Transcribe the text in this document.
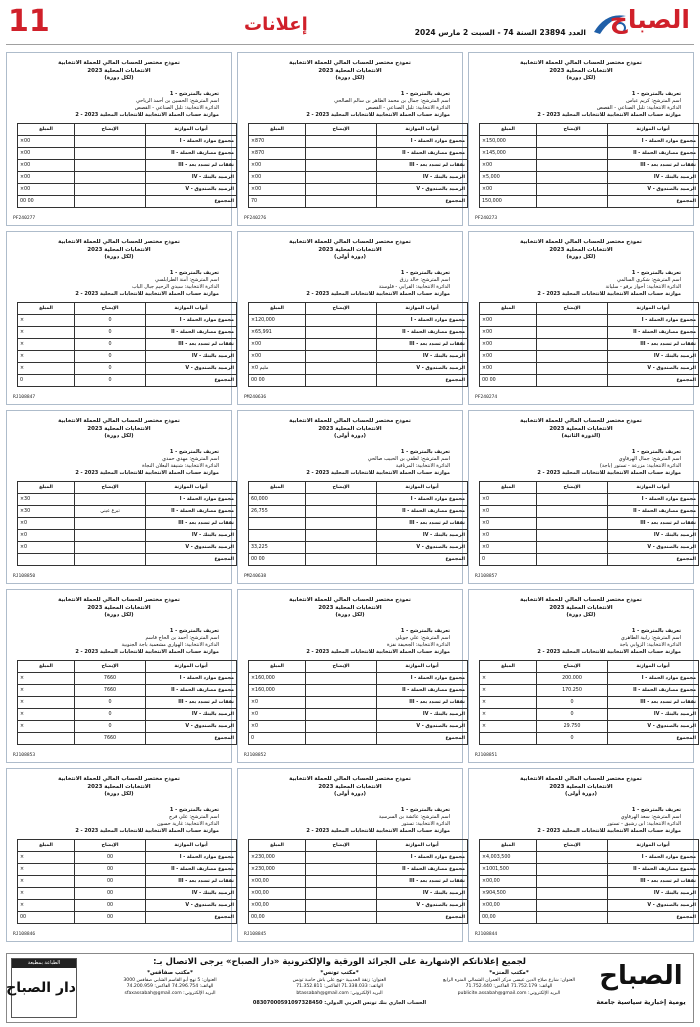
11	إعلانات	العدد 23894 السنة 74 - السبت 2 مارس 2024 الصباح
نموذج مختصر للحساب المالي للحملة الانتخابية
الانتخابات المحلية 2023
(لكل دورة)
1 - تعريف بالمترشح
اسم المترشح: الحسين بن أحمد الرياحي
الدائرة الانتخابية: تلبل الصناعي - القصص
2 - موازنة حساب الحملة الانتخابية للانتخابات المحلية 2023
المبلغ	الإيضاح	أبواب الموازنة
×00		I - مجموع موارد الحملة
×00		II - مجموع مصاريف الحملة
×00		III - نفقات لم تسدد بعد
×00		IV - الرصيد بالبنك
×00		V - الرصيد بالصندوق
00 00		المجموع
PF240277
نموذج مختصر للحساب المالي للحملة الانتخابية
الانتخابات المحلية 2023
(لكل دورة)
1 - تعريف بالمترشح
اسم المترشح: جمال بن محمد الطاهر بن سالم الصالحي
الدائرة الانتخابية: تلبل الصناعي - القصص
2 - موازنة حساب الحملة الانتخابية للانتخابات المحلية 2023
المبلغ	الإيضاح	أبواب الموازنة
×870		I - مجموع موارد الحملة
×870		II - مجموع مصاريف الحملة
×00		III - نفقات لم تسدد بعد
×00		IV - الرصيد بالبنك
×00		V - الرصيد بالصندوق
70		المجموع
PF240276
نموذج مختصر للحساب المالي للحملة الانتخابية
الانتخابات المحلية 2023
(لكل دورة)
1 - تعريف بالمترشح
اسم المترشح: كريم عباس
الدائرة الانتخابية: تلبل الصناعي - القصص
2 - موازنة حساب الحملة الانتخابية للانتخابات المحلية 2023
المبلغ	الإيضاح	أبواب الموازنة
×150,000		I - مجموع موارد الحملة
×145,000		II - مجموع مصاريف الحملة
×00		III - نفقات لم تسدد بعد
×5,000		IV - الرصيد بالبنك
×00		V - الرصيد بالصندوق
150,000		المجموع
PF240273
نموذج مختصر للحساب المالي للحملة الانتخابية
الانتخابات المحلية 2023
(لكل دورة)
1 - تعريف بالمترشح
اسم المترشح: أمنة الطرابلسي
الدائرة الانتخابية: سيدي الرحيم جبال الباب
2 - موازنة حساب الحملة الانتخابية للانتخابات المحلية 2023
المبلغ	الإيضاح	أبواب الموازنة
×	0	I - مجموع موارد الحملة
×	0	II - مجموع مصاريف الحملة
×	0	III - نفقات لم تسدد بعد
×	0	IV - الرصيد بالبنك
×	0	V - الرصيد بالصندوق
0	0	المجموع
RJ108847
نموذج مختصر للحساب المالي للحملة الانتخابية
الانتخابات المحلية 2023
(دورة أولى)
1 - تعريف بالمترشح
اسم المترشح: خالد رزق
الدائرة الانتخابية: القرابي - قلوستة
2 - موازنة حساب الحملة الانتخابية للانتخابات المحلية 2023
المبلغ	الإيضاح	أبواب الموازنة
×120,000		I - مجموع موارد الحملة
×65,991		II - مجموع مصاريف الحملة
×00		III - نفقات لم تسدد بعد
×00		IV - الرصيد بالبنك
×0 مليم		V - الرصيد بالصندوق
00 00		المجموع
PM240636
نموذج مختصر للحساب المالي للحملة الانتخابية
الانتخابات المحلية 2023
(لكل دورة)
1 - تعريف بالمترشح
اسم المترشح: شكري السالمي
الدائرة الانتخابية: أحواز برقو - سليانة
2 - موازنة حساب الحملة الانتخابية للانتخابات المحلية 2023
المبلغ	الإيضاح	أبواب الموازنة
×00		I - مجموع موارد الحملة
×00		II - مجموع مصاريف الحملة
×00		III - نفقات لم تسدد بعد
×00		IV - الرصيد بالبنك
×00		V - الرصيد بالصندوق
00 00		المجموع
PF240274
نموذج مختصر للحساب المالي للحملة الانتخابية
الانتخابات المحلية 2023
(لكل دورة)
1 - تعريف بالمترشح
اسم المترشح: مهدي حمدي
الدائرة الانتخابية: شنيقة البعلان النجاة
2 - موازنة حساب الحملة الانتخابية للانتخابات المحلية 2023
المبلغ	الإيضاح	أبواب الموازنة
×30		I - مجموع موارد الحملة
×30	تبرع عيني	II - مجموع مصاريف الحملة
×0		III - نفقات لم تسدد بعد
×0		IV - الرصيد بالبنك
×0		V - الرصيد بالصندوق
		المجموع
RJ108850
نموذج مختصر للحساب المالي للحملة الانتخابية
الانتخابات المحلية 2023
(دورة أولى)
1 - تعريف بالمترشح
اسم المترشح: لطفي بن الحبيب صالحي
الدائرة الانتخابية: المرناقية
2 - موازنة حساب الحملة الانتخابية للانتخابات المحلية 2023
المبلغ	الإيضاح	أبواب الموازنة
60,000		I - مجموع موارد الحملة
26,755		II - مجموع مصاريف الحملة
		III - نفقات لم تسدد بعد
		IV - الرصيد بالبنك
33,225		V - الرصيد بالصندوق
00 00		المجموع
PM240638
نموذج مختصر للحساب المالي للحملة الانتخابية
الانتخابات المحلية 2023
(الدورة الثانية)
1 - تعريف بالمترشح
اسم المترشح: جمال الهرقاوي
الدائرة الانتخابية: مزرعة - تستور (باجة)
2 - موازنة حساب الحملة الانتخابية للانتخابات المحلية 2023
المبلغ	الإيضاح	أبواب الموازنة
×0		I - مجموع موارد الحملة
×0		II - مجموع مصاريف الحملة
×0		III - نفقات لم تسدد بعد
×0		IV - الرصيد بالبنك
×0		V - الرصيد بالصندوق
0		المجموع
RJ108857
نموذج مختصر للحساب المالي للحملة الانتخابية
الانتخابات المحلية 2023
(لكل دورة)
1 - تعريف بالمترشح
اسم المترشح: أحمد بن الحاج قاسم
الدائرة الانتخابية: الهواري مشعمية باجة الجنوبية
2 - موازنة حساب الحملة الانتخابية للانتخابات المحلية 2023
المبلغ	الإيضاح	أبواب الموازنة
×	7660	I - مجموع موارد الحملة
×	7660	II - مجموع مصاريف الحملة
×	0	III - نفقات لم تسدد بعد
×	0	IV - الرصيد بالبنك
×	0	V - الرصيد بالصندوق
	7660	المجموع
RJ108853
نموذج مختصر للحساب المالي للحملة الانتخابية
الانتخابات المحلية 2023
(لكل دورة)
1 - تعريف بالمترشح
اسم المترشح: علي جويلي
الدائرة الانتخابية: الجحيفة نفزة
2 - موازنة حساب الحملة الانتخابية للانتخابات المحلية 2023
المبلغ	الإيضاح	أبواب الموازنة
×160,000		I - مجموع موارد الحملة
×160,000		II - مجموع مصاريف الحملة
×0		III - نفقات لم تسدد بعد
×0		IV - الرصيد بالبنك
×0		V - الرصيد بالصندوق
0		المجموع
RJ108852
نموذج مختصر للحساب المالي للحملة الانتخابية
الانتخابات المحلية 2023
(لكل دورة)
1 - تعريف بالمترشح
اسم المترشح: رابية الطاهري
الدائرة الانتخابية: الزوابي باجة
2 - موازنة حساب الحملة الانتخابية للانتخابات المحلية 2023
المبلغ	الإيضاح	أبواب الموازنة
×	200.000	I - مجموع موارد الحملة
×	170.250	II - مجموع مصاريف الحملة
×	0	III - نفقات لم تسدد بعد
×	0	IV - الرصيد بالبنك
×	29.750	V - الرصيد بالصندوق
	0	المجموع
RJ108851
نموذج مختصر للحساب المالي للحملة الانتخابية
الانتخابات المحلية 2023
(لكل دورة)
1 - تعريف بالمترشح
اسم المترشح: علي فرج
الدائرة الانتخابية: غارية حسون
2 - موازنة حساب الحملة الانتخابية للانتخابات المحلية 2023
المبلغ	الإيضاح	أبواب الموازنة
×	00	I - مجموع موارد الحملة
×	00	II - مجموع مصاريف الحملة
×	00	III - نفقات لم تسدد بعد
×	00	IV - الرصيد بالبنك
×	00	V - الرصيد بالصندوق
00	00	المجموع
RJ108846
نموذج مختصر للحساب المالي للحملة الانتخابية
الانتخابات المحلية 2023
(دورة أولى)
1 - تعريف بالمترشح
اسم المترشح: عائشة بن السرسية
الدائرة الانتخابية: تستور
2 - موازنة حساب الحملة الانتخابية للانتخابات المحلية 2023
المبلغ	الإيضاح	أبواب الموازنة
×230,000		I - مجموع موارد الحملة
×230,000		II - مجموع مصاريف الحملة
×00,00		III - نفقات لم تسدد بعد
×00,00		IV - الرصيد بالبنك
×00,00		V - الرصيد بالصندوق
00,00		المجموع
RJ108845
نموذج مختصر للحساب المالي للحملة الانتخابية
الانتخابات المحلية 2023
(دورة أولى)
1 - تعريف بالمترشح
اسم المترشح: سعد الهرقاوي
الدائرة الانتخابية: ابن رشيق - تستور
2 - موازنة حساب الحملة الانتخابية للانتخابات المحلية 2023
المبلغ	الإيضاح	أبواب الموازنة
×4,003,500		I - مجموع موارد الحملة
×1001,500		II - مجموع مصاريف الحملة
×00,00		III - نفقات لم تسدد بعد
×904,500		IV - الرصيد بالبنك
×00,00		V - الرصيد بالصندوق
00,00		المجموع
RJ108844
الطباعة بمطبعة
دار الصباح
لجميع إعلاناتكم الإشهارية على الجرائد الورقية والإلكترونية «دار الصباح» يرجى الاتصال بـ:
*مكتب المنزه*
العنوان: شارع صلاح الدين عيسى مركز العمران الشمالي المنزه الرابع
الهاتف: 71.752.179 الفاكس: 71.752.440
البريد الإلكتروني: publicite.assabah@gmail.com
*مكتب تونس*
العنوان: زنقة الحديبية -نهج علي باش حامبة تونس
الهاتف: 71.338.033 الفاكس: 71.352.811
البريد الإلكتروني: btassabah@gmail.com
*مكتب صفاقس*
العنوان: 5 نهج أبو القاسم الشابي صفاقس 3000
الهاتف: 74.296.754 الفاكس: 74.200.959
البريد الإلكتروني: sfaxassabah@gmail.com
الحساب الجاري بنك تونس العربي الدولي: 08307000591097328450
الصباح
يومية إخبارية سياسية جامعة
